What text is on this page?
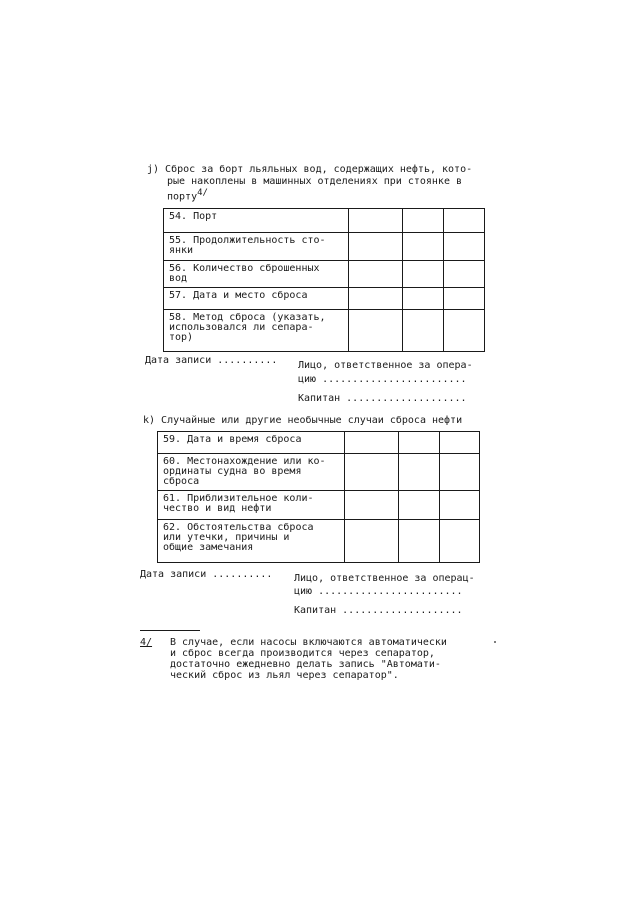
j) Сброс за борт льяльных вод, содержащих нефть, кото-
рые накоплены в машинных отделениях при стоянке в
порту$^{4/}$
54. Порт			
55. Продолжительность сто-
янки			
56. Количество сброшенных
вод			
57. Дата и место сброса			
58. Метод сброса (указать,
использовался ли сепара-
тор)			
Дата записи .......... Лицо, ответственное за опера-
цию ........................
Капитан ....................
k) Случайные или другие необычные случаи сброса нефти
59. Дата и время сброса			
60. Местонахождение или ко-
ординаты судна во время
сброса			
61. Приблизительное коли-
чество и вид нефти			
62. Обстоятельства сброса
или утечки, причины и
общие замечания			
Дата записи .......... Лицо, ответственное за операц-
цию ........................
Капитан ....................
4/ В случае, если насосы включаются автоматически
и сброс всегда производится через сепаратор,
достаточно ежедневно делать запись "Автомати-
ческий сброс из льял через сепаратор".
